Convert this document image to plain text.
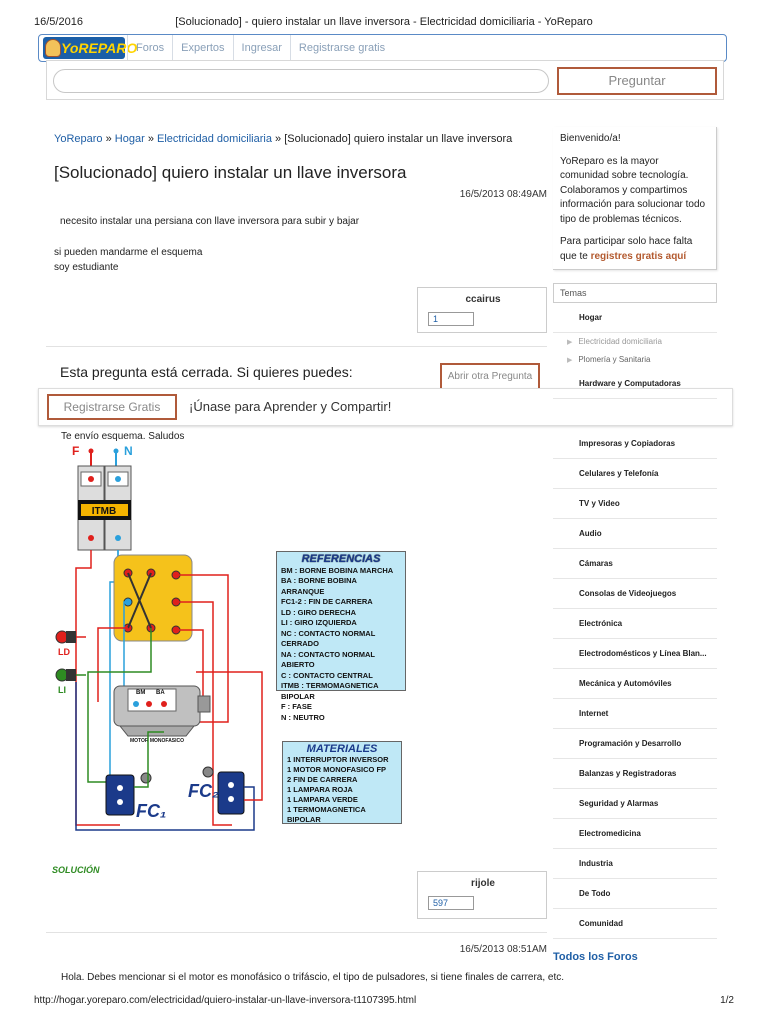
16/5/2016	[Solucionado] - quiero instalar un llave inversora - Electricidad domiciliaria - YoReparo
YoREPARO
Foros	Expertos	Ingresar	Registrarse gratis
Preguntar
YoReparo » Hogar » Electricidad domiciliaria » [Solucionado] quiero instalar un llave inversora
[Solucionado] quiero instalar un llave inversora
16/5/2013 08:49AM

necesito instalar una persiana con llave inversora para subir y bajar

si pueden mandarme el esquema
soy estudiante

ccairus
1
Esta pregunta está cerrada. Si quieres puedes:	Abrir otra Pregunta
Registrarse Gratis	¡Únase para Aprender y Compartir!
Te envío esquema. Saludos
F	N
ITMB
LD
LI	BM BA
MOTOR MONOFASICO
FC₁
FC₂
REFERENCIAS
BM : BORNE BOBINA MARCHA
BA : BORNE BOBINA ARRANQUE
FC1-2 : FIN DE CARRERA
LD : GIRO DERECHA
LI : GIRO IZQUIERDA
NC : CONTACTO NORMAL CERRADO
NA : CONTACTO NORMAL ABIERTO
C : CONTACTO CENTRAL
ITMB : TERMOMAGNETICA BIPOLAR
F : FASE
N : NEUTRO
MATERIALES
1 INTERRUPTOR INVERSOR
1 MOTOR MONOFASICO FP
2 FIN DE CARRERA
1 LAMPARA ROJA
1 LAMPARA VERDE
1 TERMOMAGNETICA BIPOLAR
SOLUCIÓN
rijole
597
16/5/2013 08:51AM
Hola. Debes mencionar si el motor es monofásico o trifáscio, el tipo de pulsadores, si tiene finales de carrera, etc.

Bienvenido/a!

YoReparo es la mayor comunidad sobre tecnología. Colaboramos y compartimos información para solucionar todo tipo de problemas técnicos.

Para participar solo hace falta que te registres gratis aquí

Temas
Hogar
▶ Electricidad domiciliaria
▶ Plomería y Sanitaria
Hardware y Computadoras
Impresoras y Copiadoras
Celulares y Telefonía
TV y Video
Audio
Cámaras
Consolas de Videojuegos
Electrónica
Electrodomésticos y Línea Blan...
Mecánica y Automóviles
Internet
Programación y Desarrollo
Balanzas y Registradoras
Seguridad y Alarmas
Electromedicina
Industria
De Todo
Comunidad
Todos los Foros
http://hogar.yoreparo.com/electricidad/quiero-instalar-un-llave-inversora-t1107395.html	1/2
